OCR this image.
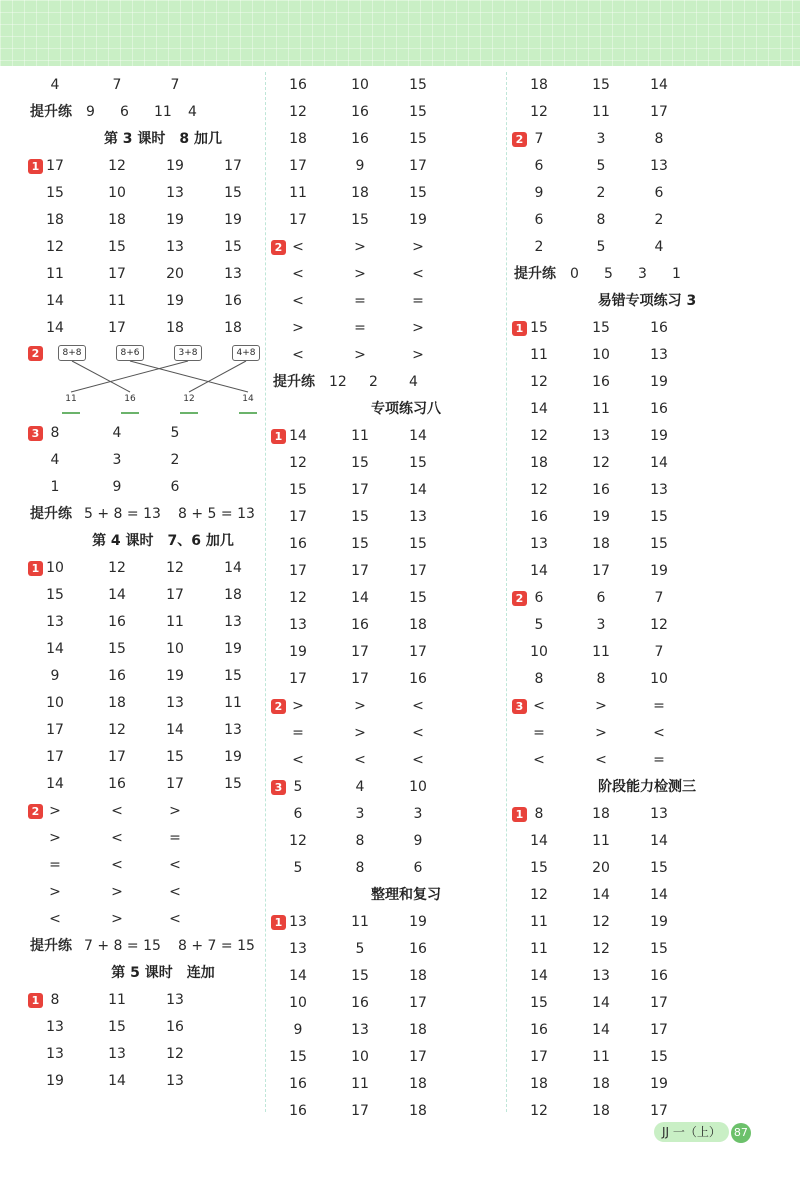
4	7	7
提升练 9 6 11 4
第 3 课时　8 加几
1 17	12	19	17
15	10	13	15
18	18	19	19
12	15	13	15
11	17	20	13
14	11	19	16
14	17	18	18
2	8+8	8+6	3+8	4+8
11	16	12	14
3 8	4	5
4	3	2
1	9	6
提升练 5 + 8 = 13 8 + 5 = 13
第 4 课时　7、6 加几
1 10	12	12	14
15	14	17	18
13	16	11	13
14	15	10	19
9	16	19	15
10	18	13	11
17	12	14	13
17	17	15	19
14	16	17	15
2 >	<	>
>	<	=
=	<	<
>	>	<
<	>	<
提升练 7 + 8 = 15 8 + 7 = 15
第 5 课时　连加
1 8	11	13
13	15	16
13	13	12
19	14	13
16	10	15
12	16	15
18	16	15
17	9	17
11	18	15
17	15	19
2 <	>	>
<	>	<
<	=	=
>	=	>
<	>	>
提升练 12 2 4
专项练习八
1 14	11	14
12	15	15
15	17	14
17	15	13
16	15	15
17	17	17
12	14	15
13	16	18
19	17	17
17	17	16
2 >	>	<
=	>	<
<	<	<
3 5	4	10
6	3	3
12	8	9
5	8	6
整理和复习
1 13	11	19
13	5	16
14	15	18
10	16	17
9	13	18
15	10	17
16	11	18
16	17	18
18	15	14
12	11	17
2 7	3	8
6	5	13
9	2	6
6	8	2
2	5	4
提升练 0 5 3 1
易错专项练习 3
1 15	15	16
11	10	13
12	16	19
14	11	16
12	13	19
18	12	14
12	16	13
16	19	15
13	18	15
14	17	19
2 6	6	7
5	3	12
10	11	7
8	8	10
3 <	>	=
=	>	<
<	<	=
阶段能力检测三
1 8	18	13
14	11	14
15	20	15
12	14	14
11	12	19
11	12	15
14	13	16
15	14	17
16	14	17
17	11	15
18	18	19
12	18	17
JJ 一（上） 87
